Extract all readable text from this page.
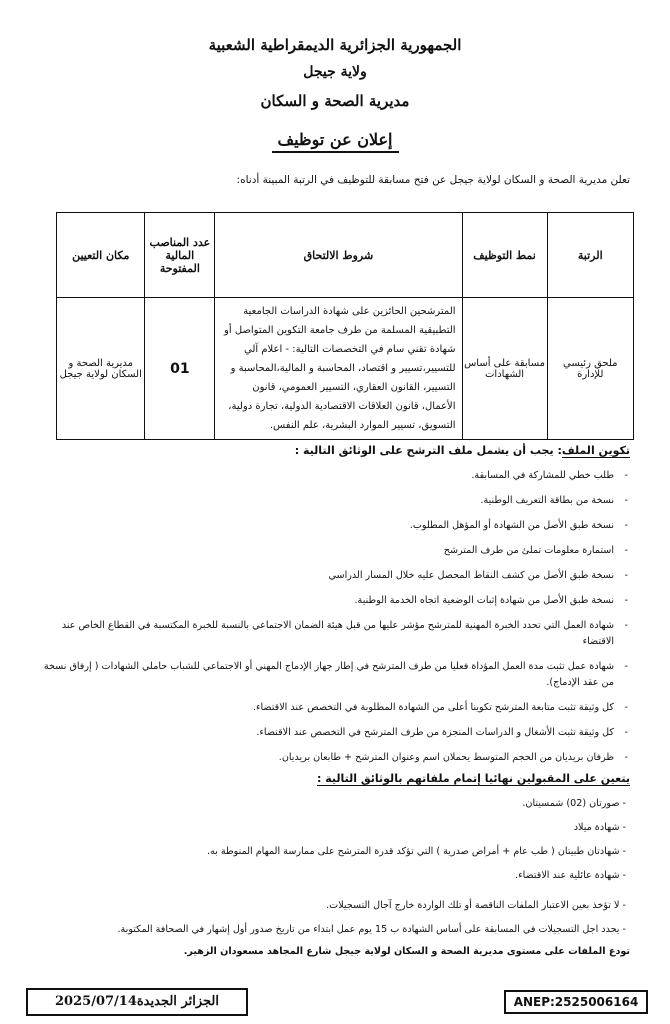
الجمهورية الجزائرية الديمقراطية الشعبية
ولاية جيجل
مديرية الصحة و السكان
إعلان عن توظيف
تعلن مديرية الصحة و السكان لولاية جيجل عن فتح مسابقة للتوظيف في الرتبة المبينة أدناه:
الرتبة	نمط التوظيف	شروط الالتحاق	عدد المناصب المالية المفتوحة	مكان التعيين
ملحق رئيسي للإدارة	مسابقة على أساس الشهادات	المترشحين الحائزين على شهادة الدراسات الجامعية التطبيقية المسلمة من طرف جامعة التكوين المتواصل أو شهادة تقني سام في التخصصات التالية: - اعلام آلي للتسيير،تسيير و اقتصاد، المحاسبة و المالية،المحاسبة و التسيير، القانون العقاري، التسيير العمومي، قانون الأعمال، قانون العلاقات الاقتصادية الدولية، تجارة دولية، التسويق، تسيير الموارد البشرية، علم النفس.	01	مديرية الصحة و السكان لولاية جيجل
تكوين الملف: يجب أن يشمل ملف الترشح على الوثائق التالية :
- طلب خطي للمشاركة في المسابقة.
- نسخة من بطاقة التعريف الوطنية.
- نسخة طبق الأصل من الشهادة أو المؤهل المطلوب.
- استمارة معلومات تملئ من طرف المترشح
- نسخة طبق الأصل من كشف النقاط المحصل عليه خلال المسار الدراسي
- نسخة طبق الأصل من شهادة إثبات الوضعية اتجاه الخدمة الوطنية.
- شهادة العمل التي تحدد الخبرة المهنية للمترشح مؤشر عليها من قبل هيئة الضمان الاجتماعي بالنسبة للخبرة المكتسبة في القطاع الخاص عند الاقتضاء
- شهادة عمل تثبت مدة العمل المؤداة فعليا من طرف المترشح في إطار جهاز الإدماج المهني أو الاجتماعي للشباب حاملي الشهادات ( إرفاق نسخة من عقد الإدماج).
- كل وثيقة تثبت متابعة المترشح تكوينا أعلى من الشهادة المطلوبة في التخصص عند الاقتضاء.
- كل وثيقة تثبت الأشغال و الدراسات المنجزة من طرف المترشح في التخصص عند الاقتضاء.
- ظرفان بريديان من الحجم المتوسط يحملان اسم وعنوان المترشح + طابعان بريديان.
يتعين على المقبولين نهائيا إتمام ملفاتهم بالوثائق التالية :
- صورتان (02) شمسيتان.
- شهادة ميلاد
- شهادتان طبيتان ( طب عام + أمراض صدرية ) التي تؤكد قدرة المترشح على ممارسة المهام المنوطة به.
- شهادة عائلية عند الاقتضاء.
- لا تؤخذ بعين الاعتبار الملفات الناقصة أو تلك الواردة خارج آجال التسجيلات.
- يحدد اجل التسجيلات في المسابقة على أساس الشهادة ب 15 يوم عمل ابتداء من تاريخ صدور أول إشهار في الصحافة المكتوبة.
تودع الملفات على مستوى مديرية الصحة و السكان لولاية جيجل شارع المجاهد مسعودان الزهير.
الجزائر الجديدة2025/07/14	ANEP:2525006164
